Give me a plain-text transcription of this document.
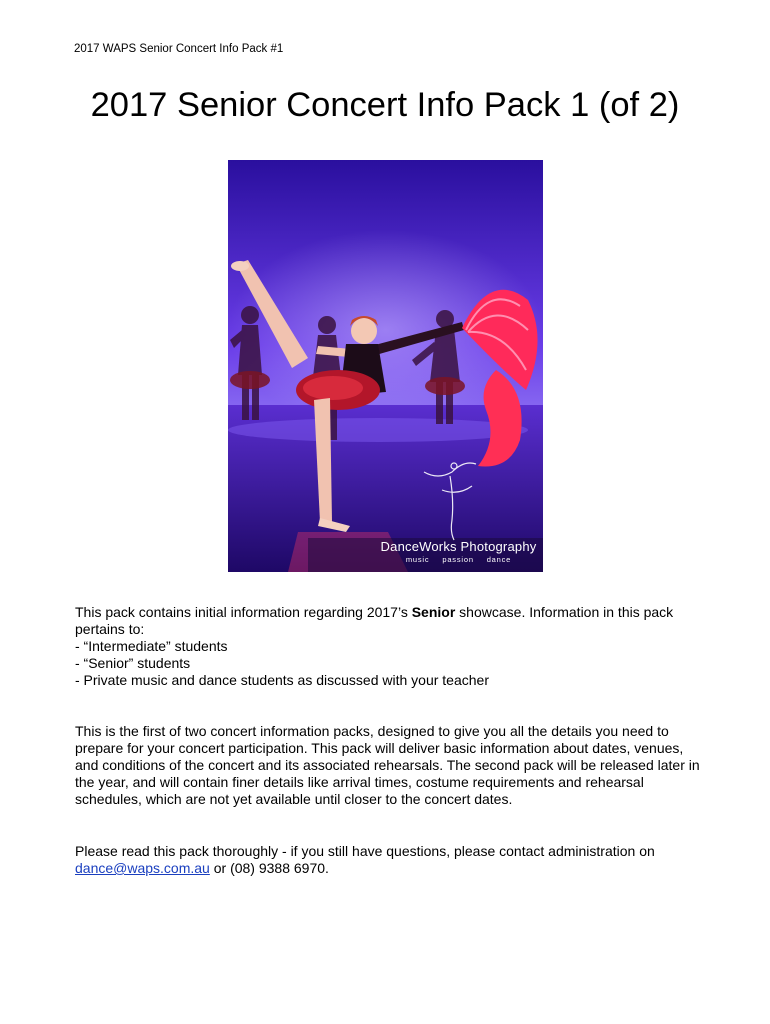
2017 WAPS Senior Concert Info Pack #1
2017 Senior Concert Info Pack 1 (of 2)
DanceWorks Photography
music passion dance

This pack contains initial information regarding 2017’s Senior showcase. Information in this pack pertains to:

- “Intermediate” students

- “Senior” students

- Private music and dance students as discussed with your teacher

This is the first of two concert information packs, designed to give you all the details you need to prepare for your concert participation. This pack will deliver basic information about dates, venues, and conditions of the concert and its associated rehearsals. The second pack will be released later in the year, and will contain finer details like arrival times, costume requirements and rehearsal schedules, which are not yet available until closer to the concert dates.

Please read this pack thoroughly - if you still have questions, please contact administration on dance@waps.com.au or (08) 9388 6970.
